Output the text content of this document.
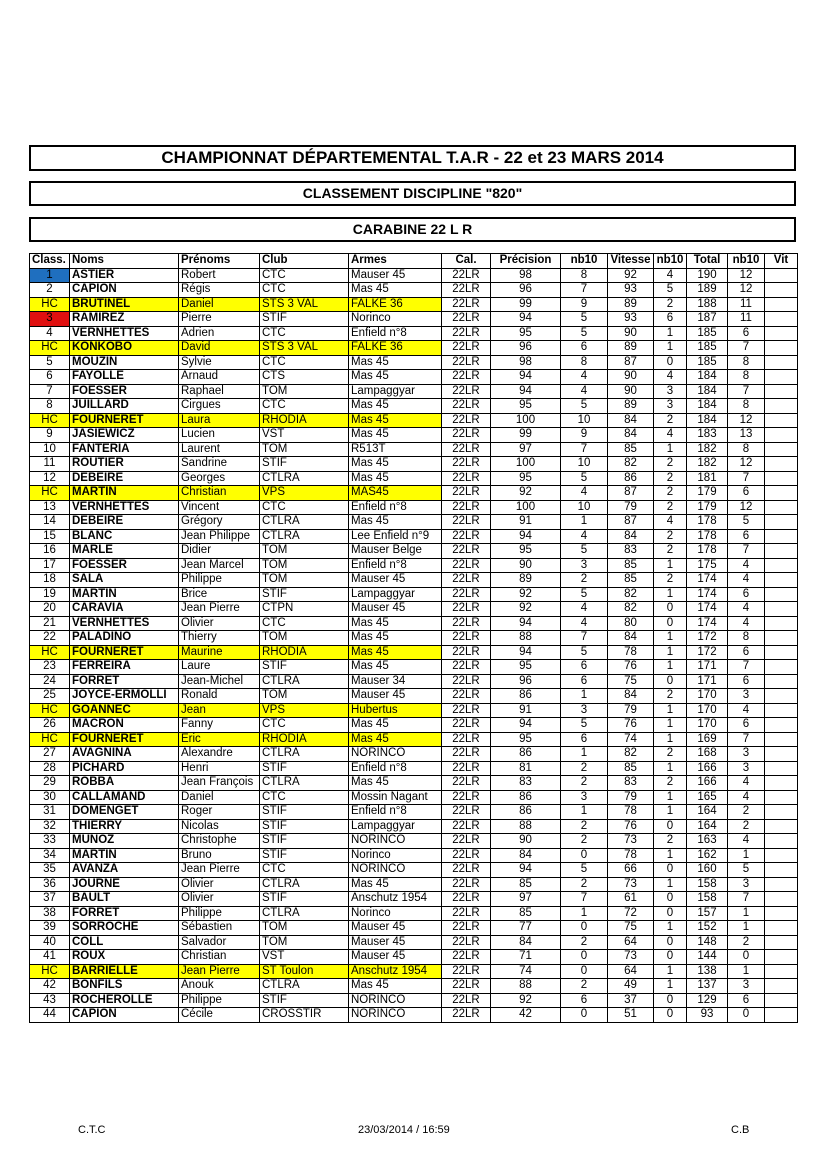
CHAMPIONNAT DÉPARTEMENTAL T.A.R - 22 et 23 MARS 2014
CLASSEMENT DISCIPLINE "820"
CARABINE 22 L R
Class.	Noms	Prénoms	Club	Armes	Cal.	Précision	nb10	Vitesse	nb10	Total	nb10	Vit
1	ASTIER	Robert	CTC	Mauser 45	22LR	98	8	92	4	190	12	
2	CAPION	Régis	CTC	Mas 45	22LR	96	7	93	5	189	12	
HC	BRUTINEL	Daniel	STS 3 VAL	FALKE 36	22LR	99	9	89	2	188	11	
3	RAMIREZ	Pierre	STIF	Norinco	22LR	94	5	93	6	187	11	
4	VERNHETTES	Adrien	CTC	Enfield n°8	22LR	95	5	90	1	185	6	
HC	KONKOBO	David	STS 3 VAL	FALKE 36	22LR	96	6	89	1	185	7	
5	MOUZIN	Sylvie	CTC	Mas 45	22LR	98	8	87	0	185	8	
6	FAYOLLE	Arnaud	CTS	Mas 45	22LR	94	4	90	4	184	8	
7	FOESSER	Raphael	TOM	Lampaggyar	22LR	94	4	90	3	184	7	
8	JUILLARD	Cirgues	CTC	Mas 45	22LR	95	5	89	3	184	8	
HC	FOURNERET	Laura	RHODIA	Mas 45	22LR	100	10	84	2	184	12	
9	JASIEWICZ	Lucien	VST	Mas 45	22LR	99	9	84	4	183	13	
10	FANTERIA	Laurent	TOM	R513T	22LR	97	7	85	1	182	8	
11	ROUTIER	Sandrine	STIF	Mas 45	22LR	100	10	82	2	182	12	
12	DEBEIRE	Georges	CTLRA	Mas 45	22LR	95	5	86	2	181	7	
HC	MARTIN	Christian	VPS	MAS45	22LR	92	4	87	2	179	6	
13	VERNHETTES	Vincent	CTC	Enfield n°8	22LR	100	10	79	2	179	12	
14	DEBEIRE	Grégory	CTLRA	Mas 45	22LR	91	1	87	4	178	5	
15	BLANC	Jean Philippe	CTLRA	Lee Enfield n°9	22LR	94	4	84	2	178	6	
16	MARLE	Didier	TOM	Mauser Belge	22LR	95	5	83	2	178	7	
17	FOESSER	Jean Marcel	TOM	Enfield n°8	22LR	90	3	85	1	175	4	
18	SALA	Philippe	TOM	Mauser 45	22LR	89	2	85	2	174	4	
19	MARTIN	Brice	STIF	Lampaggyar	22LR	92	5	82	1	174	6	
20	CARAVIA	Jean Pierre	CTPN	Mauser 45	22LR	92	4	82	0	174	4	
21	VERNHETTES	Olivier	CTC	Mas 45	22LR	94	4	80	0	174	4	
22	PALADINO	Thierry	TOM	Mas 45	22LR	88	7	84	1	172	8	
HC	FOURNERET	Maurine	RHODIA	Mas 45	22LR	94	5	78	1	172	6	
23	FERREIRA	Laure	STIF	Mas 45	22LR	95	6	76	1	171	7	
24	FORRET	Jean-Michel	CTLRA	Mauser 34	22LR	96	6	75	0	171	6	
25	JOYCE-ERMOLLI	Ronald	TOM	Mauser 45	22LR	86	1	84	2	170	3	
HC	GOANNEC	Jean	VPS	Hubertus	22LR	91	3	79	1	170	4	
26	MACRON	Fanny	CTC	Mas 45	22LR	94	5	76	1	170	6	
HC	FOURNERET	Eric	RHODIA	Mas 45	22LR	95	6	74	1	169	7	
27	AVAGNINA	Alexandre	CTLRA	NORINCO	22LR	86	1	82	2	168	3	
28	PICHARD	Henri	STIF	Enfield n°8	22LR	81	2	85	1	166	3	
29	ROBBA	Jean François	CTLRA	Mas 45	22LR	83	2	83	2	166	4	
30	CALLAMAND	Daniel	CTC	Mossin Nagant	22LR	86	3	79	1	165	4	
31	DOMENGET	Roger	STIF	Enfield n°8	22LR	86	1	78	1	164	2	
32	THIERRY	Nicolas	STIF	Lampaggyar	22LR	88	2	76	0	164	2	
33	MUNOZ	Christophe	STIF	NORINCO	22LR	90	2	73	2	163	4	
34	MARTIN	Bruno	STIF	Norinco	22LR	84	0	78	1	162	1	
35	AVANZA	Jean Pierre	CTC	NORINCO	22LR	94	5	66	0	160	5	
36	JOURNE	Olivier	CTLRA	Mas 45	22LR	85	2	73	1	158	3	
37	BAULT	Olivier	STIF	Anschutz 1954	22LR	97	7	61	0	158	7	
38	FORRET	Philippe	CTLRA	Norinco	22LR	85	1	72	0	157	1	
39	SORROCHE	Sébastien	TOM	Mauser 45	22LR	77	0	75	1	152	1	
40	COLL	Salvador	TOM	Mauser 45	22LR	84	2	64	0	148	2	
41	ROUX	Christian	VST	Mauser 45	22LR	71	0	73	0	144	0	
HC	BARRIELLE	Jean Pierre	ST Toulon	Anschutz 1954	22LR	74	0	64	1	138	1	
42	BONFILS	Anouk	CTLRA	Mas 45	22LR	88	2	49	1	137	3	
43	ROCHEROLLE	Philippe	STIF	NORINCO	22LR	92	6	37	0	129	6	
44	CAPION	Cécile	CROSSTIR	NORINCO	22LR	42	0	51	0	93	0	
C.T.C	23/03/2014 / 16:59	C.B
